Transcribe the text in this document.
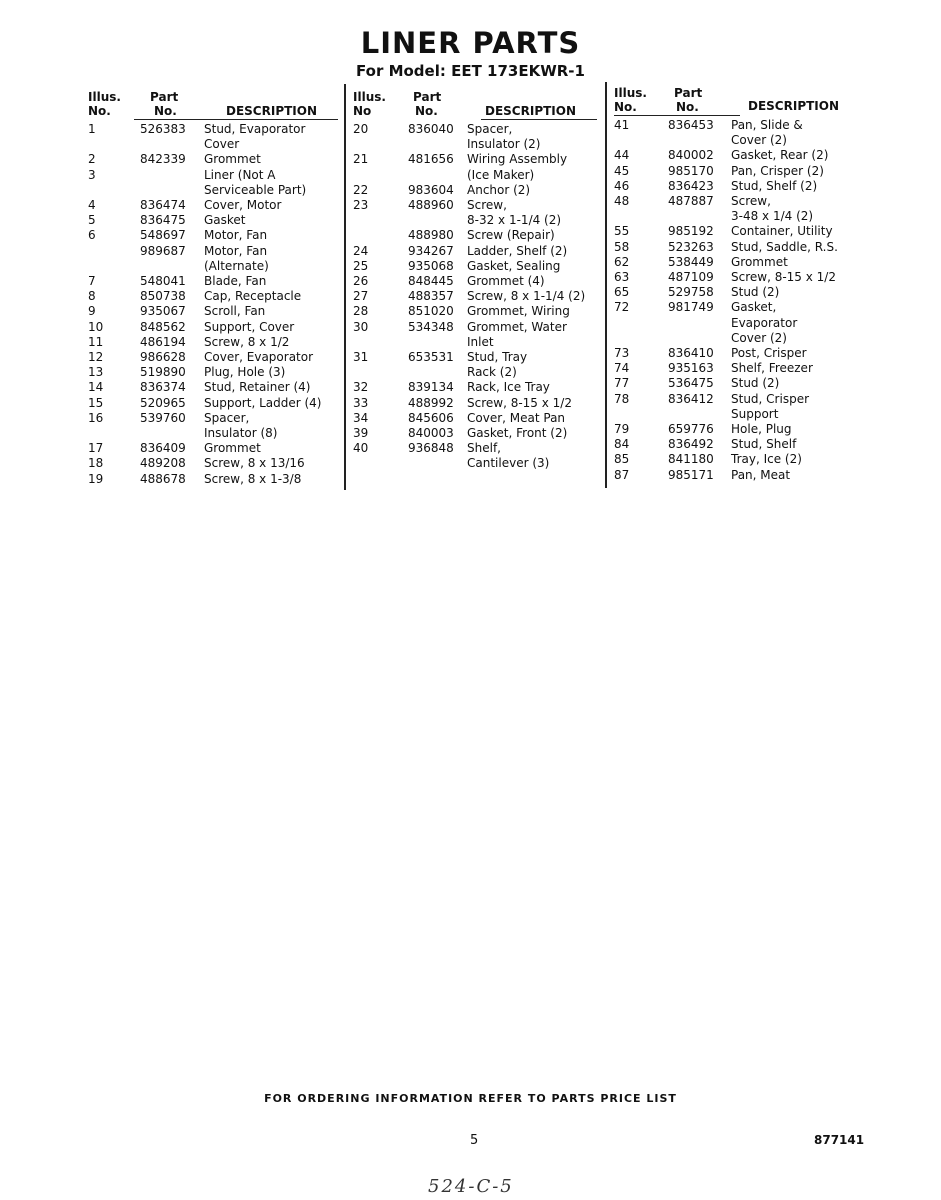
LINER PARTS
For Model: EET 173EKWR-1
Illus.
No.
Part
No.	DESCRIPTION
1	526383 Stud, Evaporator
Cover
2	842339 Grommet
3	Liner (Not A
Serviceable Part)
4	836474 Cover, Motor
5	836475 Gasket
6	548697 Motor, Fan
989687 Motor, Fan
(Alternate)
7	548041 Blade, Fan
8	850738 Cap, Receptacle
9	935067 Scroll, Fan
10	848562 Support, Cover
11	486194 Screw, 8 x 1/2
12	986628 Cover, Evaporator
13	519890 Plug, Hole (3)
14	836374 Stud, Retainer (4)
15	520965 Support, Ladder (4)
16	539760 Spacer,
Insulator (8)
17	836409 Grommet
18	489208 Screw, 8 x 13/16
19	488678 Screw, 8 x 1-3/8
Illus.
No
Part
No.	DESCRIPTION
20	836040 Spacer,
Insulator (2)
21	481656 Wiring Assembly
(Ice Maker)
22	983604 Anchor (2)
23	488960 Screw,
8-32 x 1-1/4 (2)
488980 Screw (Repair)
24	934267 Ladder, Shelf (2)
25	935068 Gasket, Sealing
26	848445 Grommet (4)
27	488357 Screw, 8 x 1-1/4 (2)
28	851020 Grommet, Wiring
30	534348 Grommet, Water
Inlet
31	653531 Stud, Tray
Rack (2)
32	839134 Rack, Ice Tray
33	488992 Screw, 8-15 x 1/2
34	845606 Cover, Meat Pan
39	840003 Gasket, Front (2)
40	936848 Shelf,
Cantilever (3)
Illus.
No.
Part
No.	DESCRIPTION
41	836453 Pan, Slide &
Cover (2)
44	840002 Gasket, Rear (2)
45	985170 Pan, Crisper (2)
46	836423 Stud, Shelf (2)
48	487887 Screw,
3-48 x 1/4 (2)
55	985192 Container, Utility
58	523263 Stud, Saddle, R.S.
62	538449 Grommet
63	487109 Screw, 8-15 x 1/2
65	529758 Stud (2)
72	981749 Gasket,
Evaporator
Cover (2)
73	836410 Post, Crisper
74	935163 Shelf, Freezer
77	536475 Stud (2)
78	836412 Stud, Crisper
Support
79	659776 Hole, Plug
84	836492 Stud, Shelf
85	841180 Tray, Ice (2)
87	985171 Pan, Meat
FOR ORDERING INFORMATION REFER TO PARTS PRICE LIST
5	877141
524-C-5
